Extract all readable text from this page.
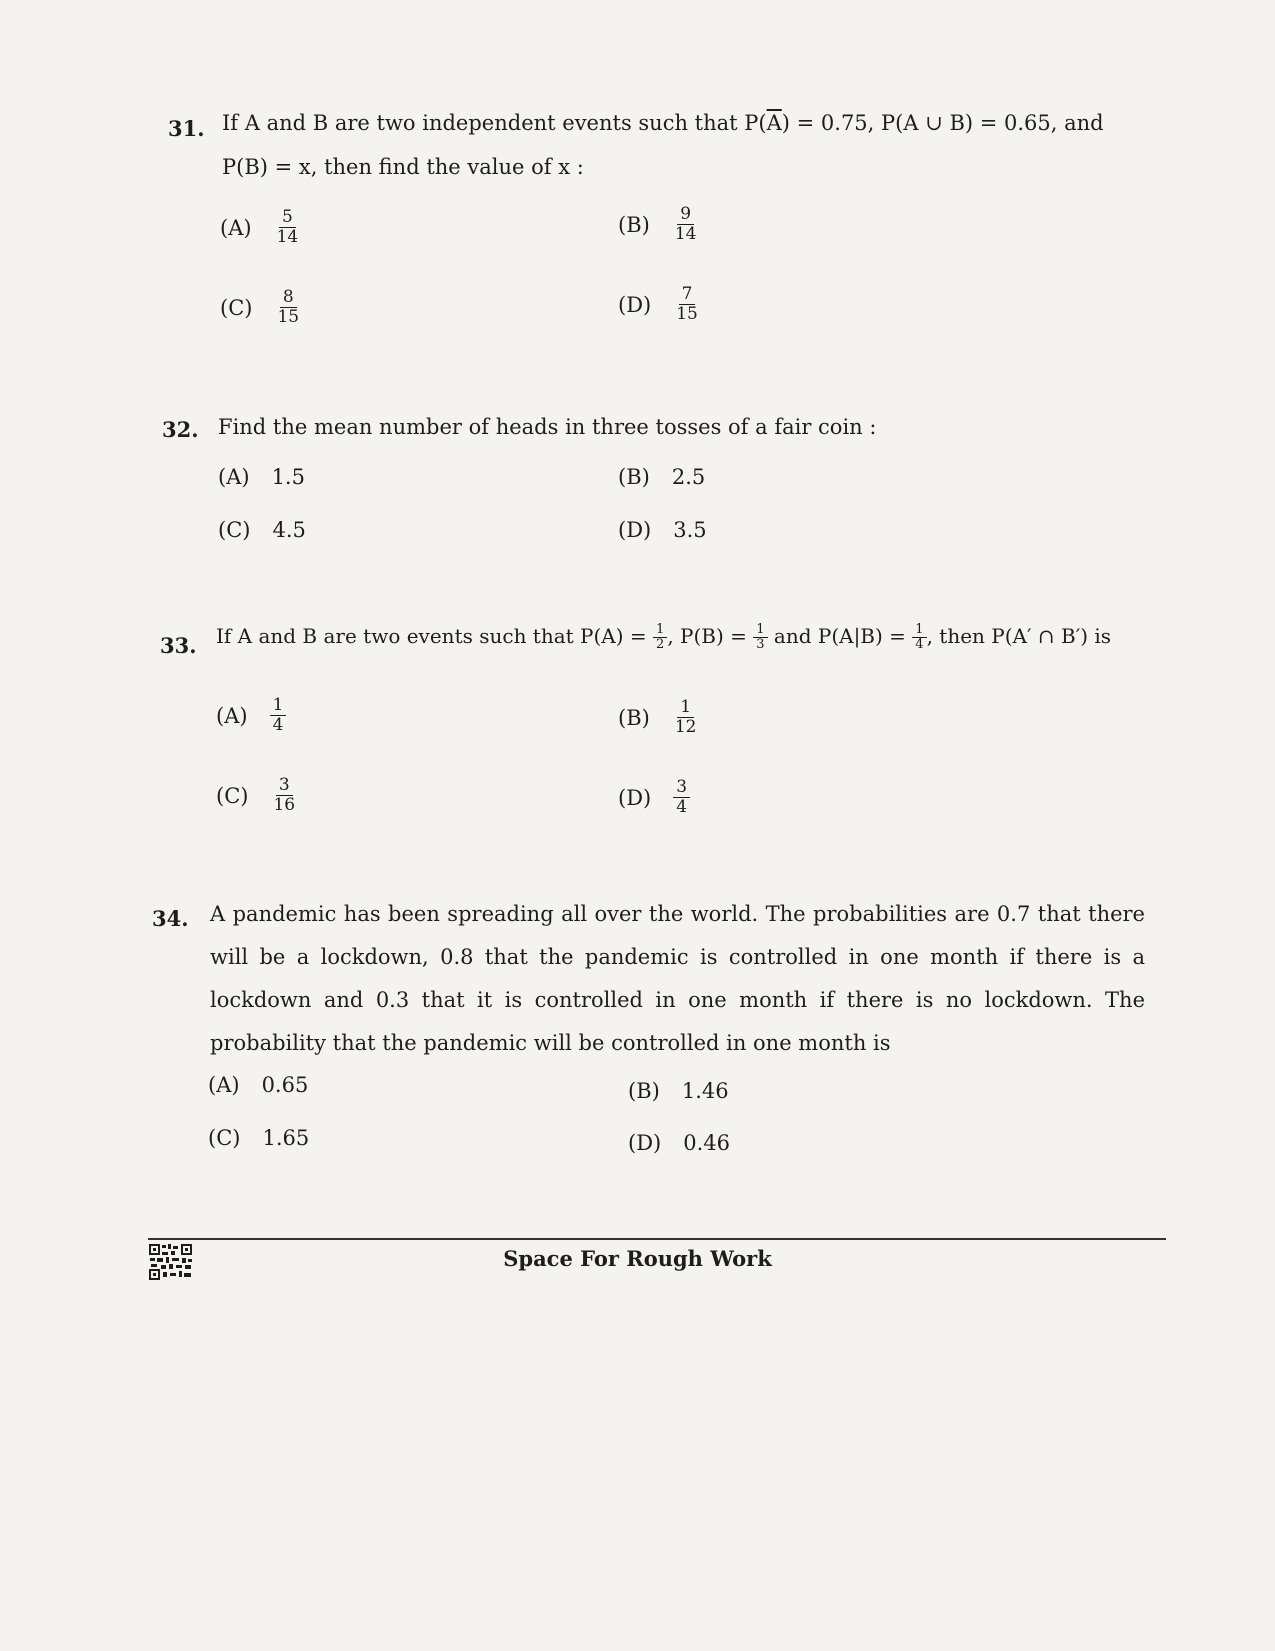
31. If A and B are two independent events such that $P(\overline{A}) = 0.75$, P(A ∪ B) = 0.65, and
P(B) = x, then find the value of x :
$(A) \frac{5}{14}$	$(B) \frac{9}{14}$
$(C) \frac{8}{15}$	$(D) \frac{7}{15}$
32. Find the mean number of heads in three tosses of a fair coin :
(A) 1.5	(B) 2.5
(C) 4.5	(D) 3.5
33. If A and B are two events such that $P(A) = \frac{1}{2}$ , $P(B) = \frac{1}{3}$ and $P(A|B) = \frac{1}{4}$ , then P(A′ ∩ B′) is
$(A) \frac{1}{4}$	$(B) \frac{1}{12}$
$(C) \frac{3}{16}$	$(D) \frac{3}{4}$
34. A pandemic has been spreading all over the world. The probabilities are 0.7 that there will be a lockdown, 0.8 that the pandemic is controlled in one month if there is a lockdown and 0.3 that it is controlled in one month if there is no lockdown. The probability that the pandemic will be controlled in one month is
(A) 0.65	(B) 1.46
(C) 1.65	(D) 0.46
Space For Rough Work
